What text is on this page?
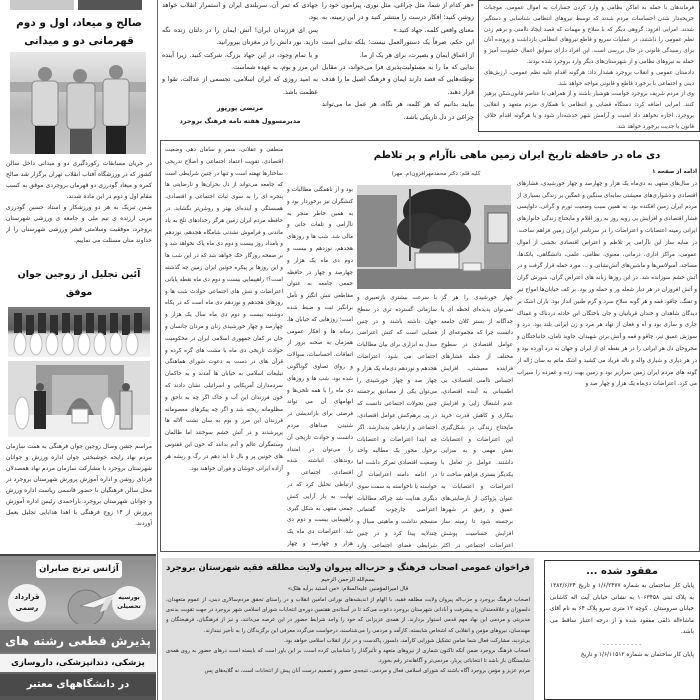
صالح و میعاد، اول و دوم
قهرمانی دو و میدانی

در جریان مسابقات رکوردگیری دو و میدانی داخل سالن کشور که در ورزشگاه آفتاب انقلاب تهران برگزار شد صالح کمره و میعاد گودرزی دو قهرمان بروجردی موفق به کسب مقام اول و دوم در این ماده شدند.

ضمن تبریک به هر دو ورزشکار و استاد حسین گودرزی مربی ارزنده ی تیم ملی و جامعه ی ورزشی شهرستان بروجرد، موفقیت وسلامتی قشر ورزشی شهرستان را از خداوند منان مسئلت می نماییم.

آئین تجلیل از زوجین جوان موفق

مراسم جشن وصال زوجین جوان فرهنگی به همت سازمان مردم نهاد رایحه خوشبختی جوان اداره ورزش و جوانان شهرستان بروجرد با مشارکت سازمان مردم نهاد همصدلان فردای روشن و اداره آموزش پرورش شهرستان بروجرد در محل سالن فرهنگیان با حضور قاسمی ریاست اداره ورزش و جوانان شهرستان بروجرد باراحمدی رئیس اداره آموزش پرورش از ۱۴ زوج فرهنگی با اهدا هدایایی تجلیل بعمل آوردند.

آژانس ترنج صابران
قرارداد رسمی
بورسیه تحصیلی
پذیرش قطعی رشته های
پزشکی، دندانپزشکی، داروسازی
در دانشگاههای معتبر

جهادی که ثمر آن، سربلندی ایران و استمرار انقلاب خواهد بود.

پس ای فرزندان ایران! آتش ایمان را در دلتان زنده نگه دارید. نور دانش را در مغزتان بپرورانید.

و با تمام وجود، در این جهاد بزرگ، شرکت کنید. زیرا آینده این مرز و بوم، به عهده شماست.

به امید روزی که ایران اسلامی، تجسمی از عدالت، تقوا و عظمت باشد.

مرتضی پورپور
مدیرمسوول هفته نامه فرهنگ بروجرد

«هر کدام از شما، مثل چراغی، مثل نوری، پیرامون خود را روشن کنید؛ افکار درست را منتشر کنید و در این زمینه، به معنای واقعی کلمه، جهاد کنید.»

این حکم، صرفاً یک دستورالعمل نیست؛ بلکه ندایی است از اعماق ایمان و بصیرت، برای هر یک از ما.

ندایی که ما را به مسئولیت‌پذیری فرا می‌خواند، در مقابل توطئه‌هایی که قصد دارند ایمان و فرهنگ اصیل ما را هدف قرار دهند.

بیایید بدانیم که هر کلمه، هر نگاه، هر عمل ما می‌تواند چراغی در دل تاریکی باشد.

فرماندهان با حمله به اماکن نظامی و وارد کردن خسارات به اموال عمومی، موجبات جریحه‌دار شدن احساسات مردم شدند که توسط نیروهای انتظامی شناسایی و دستگیر شدند. امرایی افزود: گروهی دیگر که با سلاح و مهمات که قصد ایجاد ناامنی و برهم زدن نظم عمومی را داشتند، در عملیات سریع و قاطع نیروهای انتظامی بازداشت و پرونده آنان برای رسیدگی قانونی در حال بررسی است. این افراد دارای سوابق اعمال خشونت آمیز و حمله به نیروهای نظامی و از شهرستان‌های دیگر وارد بروجرد شده بودند.

دادستان عمومی و انقلاب بروجرد هشدار داد: هرگونه اقدام علیه نظم عمومی، ارزش‌های دینی و اجتماعی با برخورد قاطع و قانونی مواجه خواهد شد.

وی از مردم شریف بروجرد خواست هوشیار باشند و از همراهی با عناصر قانون‌شکن پرهیز کنند. امرایی اضافه کرد: دستگاه قضایی و انتظامی با همکاری مردم متعهد و انقلابی بروجرد، اجازه نخواهد داد امنیت و آرامش شهر خدشه‌دار شود و با هرگونه اقدام خلاف قانون با جدیت برخورد خواهد شد.

دی ماه در حافظه تاریخ ایران زمین ماهی ناآرام و پر تلاطم
کلیه قلم: دکتر محمدمهرافزون(م. مهر)	ادامه از صفحه ۱

در سال‌های منتهی به دی‌ماه یک هزار و چهارصد و چهار خورشیدی، فشارهای اقتصادی و دشواری‌های معیشتی سایه‌ای سنگین و غمگین بر زندگی بسیاری از مردم ایران زمین افکنده بود. به همین سبب وضعیت تورم و گرانی، دلواپسی فشار اقتصادی و افزایش بی رویه روز به روز اقلام و مایحتاج زندگی خانوارهای ایرانی زمینه اعتصابات و اعتراضات را در سرتاسر ایران زمین فراهم ساخت. در سایه ساز این ناآرامی پر تلاطم و اعتراض اقتصادی بخشی از اموال عمومی، مراکز اداری، درمانی، معنوی، نظامی، علمی، دانشگاهی، بانک‌ها، مساجد، آمبولانس‌ها و ماشین‌های آتش‌نشانی و ... مورد حمله قرار گرفت و در آتش خشم سوزانده شد. در این روزها زبانه های اعتراض گران، شورش گران و آتش افروزان در هر دیار شعله ور و حمله ور بود. بر کف خیابان‌ها امواج تیر و تفنگ، چاقو، قمه و هر گونه سلاح سرد و گرم طنین انداز بود. باران اشک بر دیدگان شاهدان و خندان قربانیان و جان باختگان این حادثه دردناک و غمناک جاری و ساری بود و آه و فغان از نهاد هر مرد و زن ایرانی بلند بود. درد و سوزش عمیق تیر، چاقو و قمه و آتش برتن شهیدان، جاوید نامان، جانباختگان و مجروحان دل هر ایرانی را در هر نقطه ای از ایران و جهان به درد آورده بود و در هر دیاری و شیاری واله و ناله فریاد می کشید و اشک ماتم به سان ژاله از گونه های مردم ایران زمین سرازیر بود و زمین بهت زده و غمزده را سیراب می کرد. اعتراضات دی‌ماه یک هزار و چهار صد و

چهار خورشیدی را هر گز نمی‌توان پدیده‌ای لحظه ای یا جداگانه از بستر کلان جامعه دانست چرا که مجموعه‌ای از عوامل اقتصادی در سطوح مختلف از جمله فشارهای فزاینده معیشتی، افزایش احساس ناامنی اقتصادی، بی اطمینانی به آینده اقتصادی، عدم اشتغال زایی و افزایش بیکاری و کاهش قدرت خرید مایحتاج زندگی در شکل‌گیری این اعتراضات و اعتصابات نقش مهمی و به سزایی داشتند. عوامل در تعامل با یکدیگر بستری فراهم ساخت تا اعتراضات و اعتصابات به عنوان پژواکی از نارضایتی‌های عمیق و رفیق در شهرها برجسته شود تا زمینه ساز افزایش حساسیت پوشش اعتراضات اجتماعی در اکثر

با سرعت بیشتری بازتعبیری و سازمانی گسترده تری در سطح جهان داشته باشند و در چنین فضایی است که کنش اعتراضی مبدل به ابزاری برای بیان مطالبات اجتماعی می شود. اعتراضات هجدهم و نوزدهم دی‌ماه یک هزار و چهار صد و چهار خورشیدی را می‌توان یکی از مصادیق برجسته چنین تحولات اجتماعی دانست که در پی برهم‌کنش عوامل اقتصادی، اجتماعی و ارتباطی پدیدارشد. اگر چه ابتدا اعتراضات و اعتصابات برحول محور یک مطالبه واحد وضعیت اقتصادی تمرکز داشت اما در ادامه دامنه اعتراضات آن خواسته یا ناخواسته به سمت سوی دیگری هدایت شد چراکه مطالبات اعتراضی چارچوب گفتمانی منسجم نداشت و ماهیتی سیال و چندلایه پیدا کرد و در چنین شرایطی فضای اجتماعی وارد

بود و از ناهمگنی مطالبات و کنشگران نیز برخوردار بود و به همین خاطر منجر به ناآرامی و تلفات جانی و مالی شد. شب ها و روزهای هجدهم، نوزدهم و بیست و دوم دی ماه یک هزار و چهارصد و چهار در حافظه جمعی جامعه به عنوان مقاطعی تنش انگیز و تأمل برانگیز ثبت و ضبط شده است؛ روزهایی که خیابان ها، رسانه ها و افکار عمومی همزمان به صحنه بروز از اتفاقات، احساسات، سوالات و روای تصاوی گوناگونی شده بود. شب ها و روزهای دی ماه را با همه تلخی‌ها و ابهامهای آن می تواند فرصتی برای بازاندیشی در شنیدن صداهای مردم دانست و حوادث تاریخی آن را می‌توان در امتداد روندهای انباشته شده اقتصادی، اجتماعی و ارتباطی تحلیل کرد که در نهایت به باز آرایی کنش جمعی منتهی به شکل گیری راهپیمایی بیست و دوم دی شد. اعتراضات دی ماه یک هزار و چهارصد و چهار

منطقی و عقلانی، سمر و سامان دهی وضعیت اقتصادی، تقویت اعتماد اجتماعی و اصلاح تدریجی ساختارها نهفته است و تنها در چنین شرایطی است که جامعه می‌تواند از دل بحران‌ها و نارضایتی ها پنجره ای را به سوی ثبات اجتماعی و اقتصادی، همبستگی و آینده‌ای بهتر و روشن‌تر بگشاید. در حافظه مردم ایران زمین هرگز رخدادهای تلخ به یاد ماندنی و فراموش نشدنی شامگاه هجدهم، نوزدهم و بامداد روز بیست و دوم دی ماه پاک نخواهد شد و بر صفحه روزگار حک خواهد شد که در این شب ها و این روزها بر پیکره خونین ایران زمین چه گذشته است؟! راهپیمایی بیست و دوم دی ماه نقطه پایانی اعتراضات و تنش های اجتماعی حوادث شب ها و روزهای هجدهم و نوزدهم دی ماه است که در یکاه دوشنبه بیست و دوم دی ماه سال یک هزار و چهارصد و چهار خورشیدی زنان و مردان جانسان و جان بر کفان جمهوری اسلامی ایران در محکومیت حوادث تاریخی دی ماه با مشت های گره کرده و قرآن های در دست به دعوت شورای هماهنگی تبلیغات اسلامی به خیابان ها آمدند و به حاکمان سردمداران آمریکایی و اسرائیلی نشان دادند که خون فرزندان این آب و خاک اگر چه به ناحق و مظلومانه ریخته شد و اگر چه پیکرهای معصومانه فرزندان این مرز و بوم به سان نشت آلاله ها پرپرشدند و در آتش خشم سوختند اما ظالمان وستمگران عالم و آدم بدانند که خون این ققنوس های خونین پر و بال تا ابد دهم در رگ و ریشه هر آزاده ایرانی جوشان و فوران خواهند بود.

فراخوان عمومی اصحاب فرهنگ و حزب‌اله پیروان ولایت مطلقه فقیه شهرستان بروجرد
بسم‌الله الرحمن الرحیم
قال امیرالمؤمنین علیه‌السلام: «من استبد برأیه هلک»

اصحاب فرهنگ بروجرد و حزب‌اله پیروان ولایت مطلقه فقیه، با الهام از اندیشه‌های نورانی امامین انقلاب و در راستای تحقق مردم‌سالاری دینی، از عموم متعهدان، دلسوزان و علاقه‌مندان به پیشرفت و آبادانی شهرستان بروجرد دعوت می‌کند تا در آستانه‌ی هفتمین دوره‌ی انتخابات شورای اسلامی شهر بروجرد در جهت تقویت بدنه‌ی مدیریتی و مردمی این نهاد مهم قدمی استوار بردارند. از همه‌ی عزیزانی که خود را واجد شرایط حضور در این عرصه می‌دانند، و نیز از فرهنگیان، فرهیختگان و مهندسان، نیروهای مؤمن و انقلابی که اشخاص شایسته، کارآمد و مردمی را می‌شناسند، درخواست می‌گردد معرفی این برگزیدگان را به تأخیر نیندازند.

بی‌تردید، مشارکت فعال شما ضامن تشکیل شورایی کارآمد، دلسوز، پاکدست و در تراز انقلاب اسلامی خواهد بود.

اصحاب فرهنگ بروجرد ضمن آنکه تاکنون شماری از نیروهای متعهد و تأثیرگذار را شناسایی کرده است، بر این باور است که بایسته است درهای حضور به روی همه‌ی شایستگان باز باشد تا انتخاباتی پربار، مردمی‌تر و آگاهانه‌تر رقم بخورد.

مردم عزیز و مؤمن بروجرد آگاه باشند که شورای اسلامی فعال و مردمی، نتیجه‌ی حضور و تصمیم درست آنان پیش از انتخابات است، نه گلایه‌های پس

مفقود شده ...
پایان کار ساختمان به شماره ۱/۶/۲۴۷۷ و تاریخ ۱۳۸۲/۶/۲۴ به پلاک ثبتی ۱۰۶۳۴۵۸ به نشانی خیابان آیت اله کاشانی خیابان سروستان . کوچه ۱۲ متری سرو پلاک ۶۴ به نام آقای ماشاءاله ذلقی مفقود شده و از درجه اعتبار ساقط می باشد.
- - - - - - - - - -
پایان کار ساختمان به شماره ۱/۶/۱۱۵۱۲ و تاریخ
